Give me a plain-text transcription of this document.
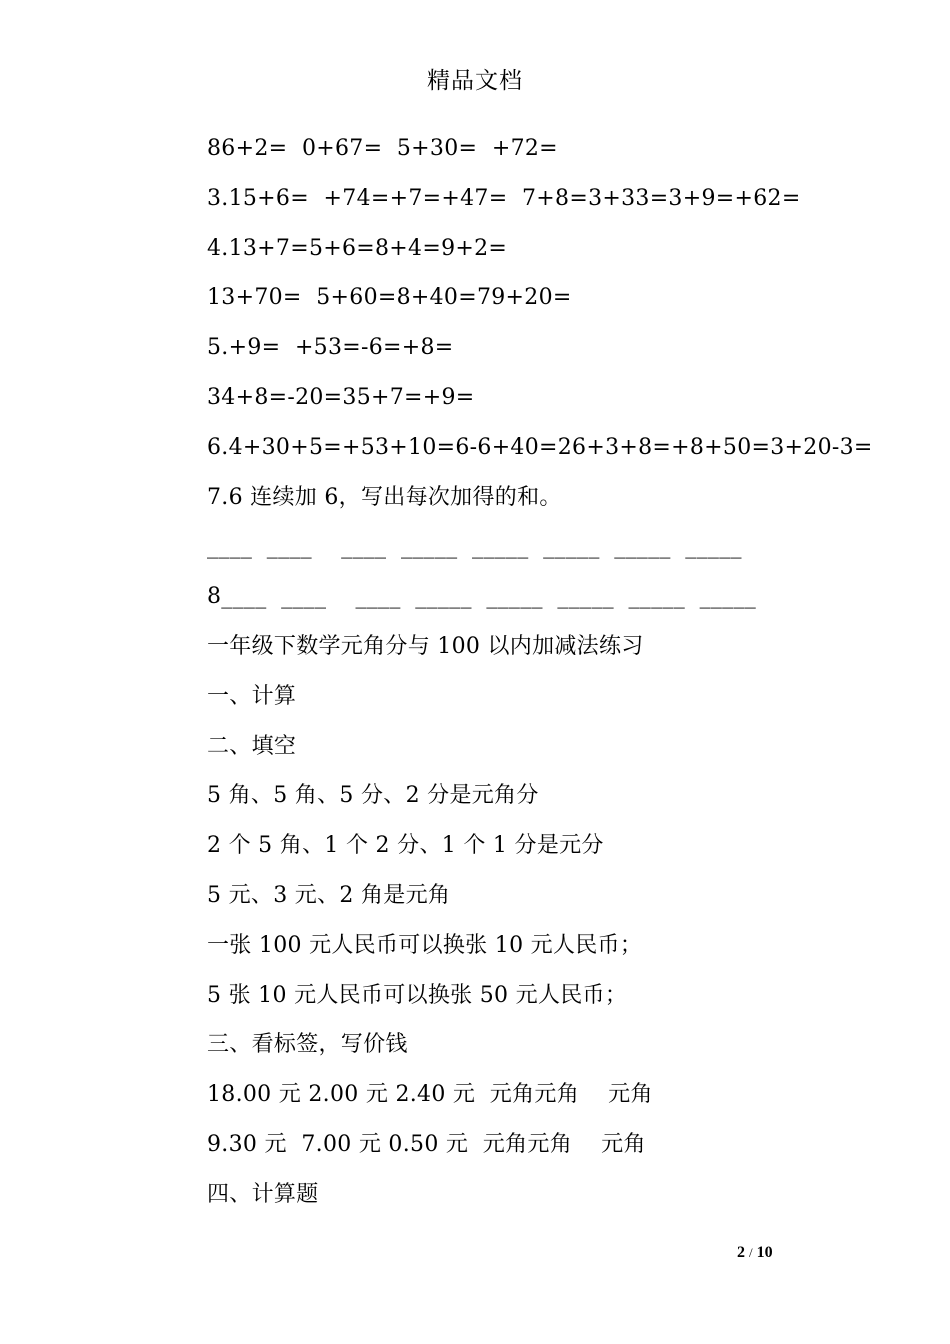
精品文档
86+2=  0+67=  5+30=  +72=
3.15+6=  +74=+7=+47=  7+8=3+33=3+9=+62=
4.13+7=5+6=8+4=9+2=
13+70=  5+60=8+40=79+20=
5.+9=  +53=-6=+8=
34+8=-20=35+7=+9=
6.4+30+5=+53+10=6-6+40=26+3+8=+8+50=3+20-3=
7.6 连续加 6，写出每次加得的和。
____  ____    ____  _____  _____  _____  _____  _____
8____  ____    ____  _____  _____  _____  _____  _____
一年级下数学元角分与 100 以内加减法练习
一、计算
二、填空
5 角、5 角、5 分、2 分是元角分
2 个 5 角、1 个 2 分、1 个 1 分是元分
5 元、3 元、2 角是元角
一张 100 元人民币可以换张 10 元人民币；
5 张 10 元人民币可以换张 50 元人民币；
三、看标签，写价钱
18.00 元 2.00 元 2.40 元  元角元角    元角
9.30 元  7.00 元 0.50 元  元角元角    元角
四、计算题
2 / 10
